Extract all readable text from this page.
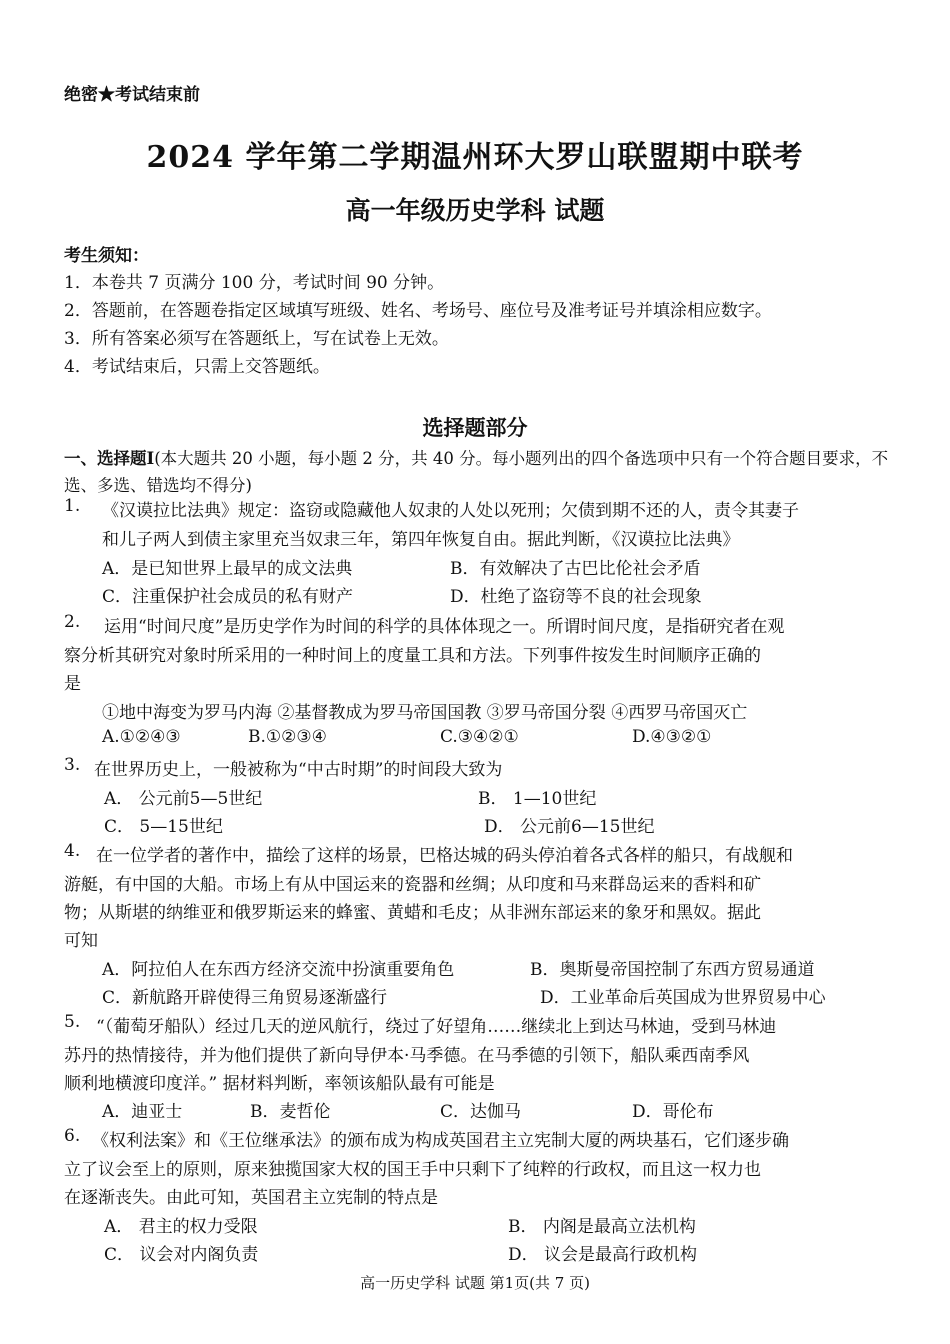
绝密★考试结束前
2024 学年第二学期温州环大罗山联盟期中联考
高一年级历史学科 试题
考生须知：
1．本卷共 7 页满分 100 分，考试时间 90 分钟。
2．答题前，在答题卷指定区域填写班级、姓名、考场号、座位号及准考证号并填涂相应数字。
3．所有答案必须写在答题纸上，写在试卷上无效。
4．考试结束后，只需上交答题纸。
选择题部分
一、选择题Ⅰ(本大题共 20 小题，每小题 2 分，共 40 分。每小题列出的四个备选项中只有一个符合题目要求，不选、多选、错选均不得分)
1. 《汉谟拉比法典》规定：盗窃或隐藏他人奴隶的人处以死刑；欠债到期不还的人，责令其妻子
和儿子两人到债主家里充当奴隶三年，第四年恢复自由。据此判断，《汉谟拉比法典》
A．是已知世界上最早的成文法典	B．有效解决了古巴比伦社会矛盾
C．注重保护社会成员的私有财产	D．杜绝了盗窃等不良的社会现象
2. 运用“时间尺度”是历史学作为时间的科学的具体体现之一。所谓时间尺度，是指研究者在观
察分析其研究对象时所采用的一种时间上的度量工具和方法。下列事件按发生时间顺序正确的
是
①地中海变为罗马内海 ②基督教成为罗马帝国国教 ③罗马帝国分裂 ④西罗马帝国灭亡
A.①②④③	B.①②③④	C.③④②①	D.④③②①
3. 在世界历史上，一般被称为“中古时期”的时间段大致为
A． 公元前5—5世纪	B． 1—10世纪
C． 5—15世纪	D． 公元前6—15世纪
4. 在一位学者的著作中，描绘了这样的场景，巴格达城的码头停泊着各式各样的船只，有战舰和
游艇，有中国的大船。市场上有从中国运来的瓷器和丝绸；从印度和马来群岛运来的香料和矿
物；从斯堪的纳维亚和俄罗斯运来的蜂蜜、黄蜡和毛皮；从非洲东部运来的象牙和黑奴。据此
可知
A．阿拉伯人在东西方经济交流中扮演重要角色	B．奥斯曼帝国控制了东西方贸易通道
C．新航路开辟使得三角贸易逐渐盛行	D．工业革命后英国成为世界贸易中心
5. “（葡萄牙船队）经过几天的逆风航行，绕过了好望角……继续北上到达马林迪，受到马林迪
苏丹的热情接待，并为他们提供了新向导伊本·马季德。在马季德的引领下，船队乘西南季风
顺利地横渡印度洋。” 据材料判断，率领该船队最有可能是
A．迪亚士	B．麦哲伦	C．达伽马	D．哥伦布
6. 《权利法案》和《王位继承法》的颁布成为构成英国君主立宪制大厦的两块基石，它们逐步确
立了议会至上的原则，原来独揽国家大权的国王手中只剩下了纯粹的行政权，而且这一权力也
在逐渐丧失。由此可知，英国君主立宪制的特点是
A． 君主的权力受限	B． 内阁是最高立法机构
C． 议会对内阁负责	D． 议会是最高行政机构
高一历史学科 试题 第1页(共 7 页)
